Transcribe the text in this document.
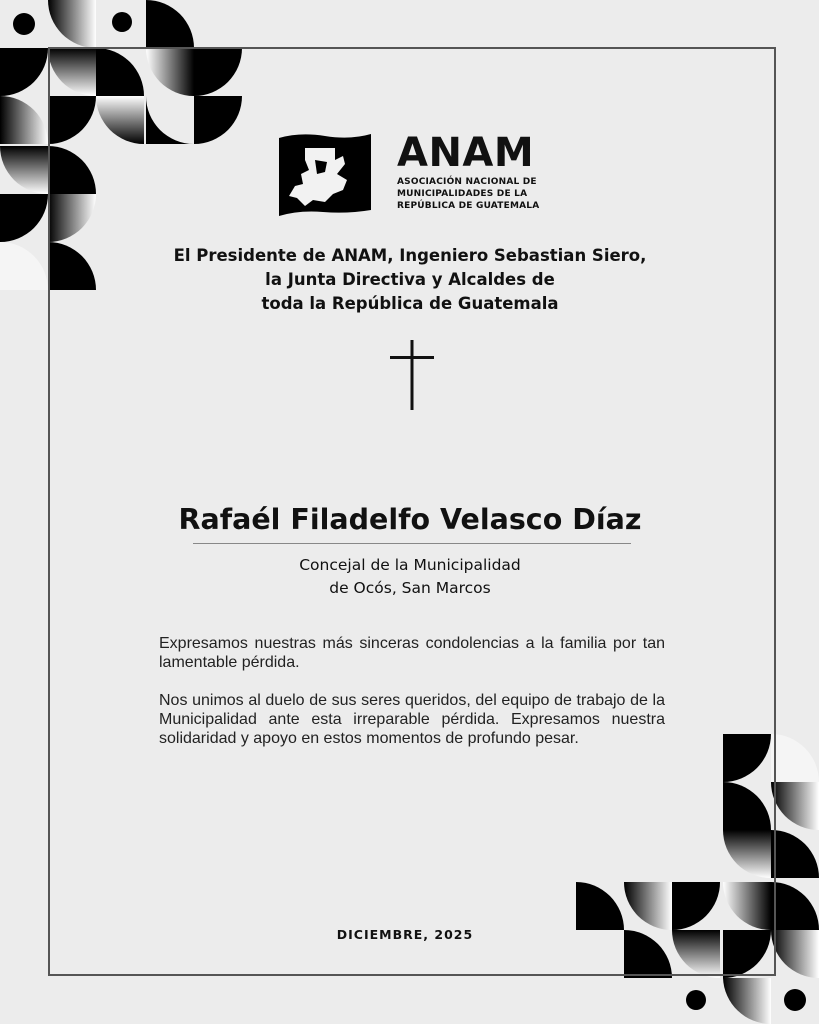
ANAM
ASOCIACIÓN NACIONAL DE
MUNICIPALIDADES DE LA
REPÚBLICA DE GUATEMALA
El Presidente de ANAM, Ingeniero Sebastian Siero,
la Junta Directiva y Alcaldes de
toda la República de Guatemala
Rafaél Filadelfo Velasco Díaz
Concejal de la Municipalidad
de Ocós, San Marcos
Expresamos nuestras más sinceras condolencias a la familia por tan lamentable pérdida.
Nos unimos al duelo de sus seres queridos, del equipo de trabajo de la Municipalidad ante esta irreparable pérdida. Expresamos nuestra solidaridad y apoyo en estos momentos de profundo pesar.
DICIEMBRE, 2025
